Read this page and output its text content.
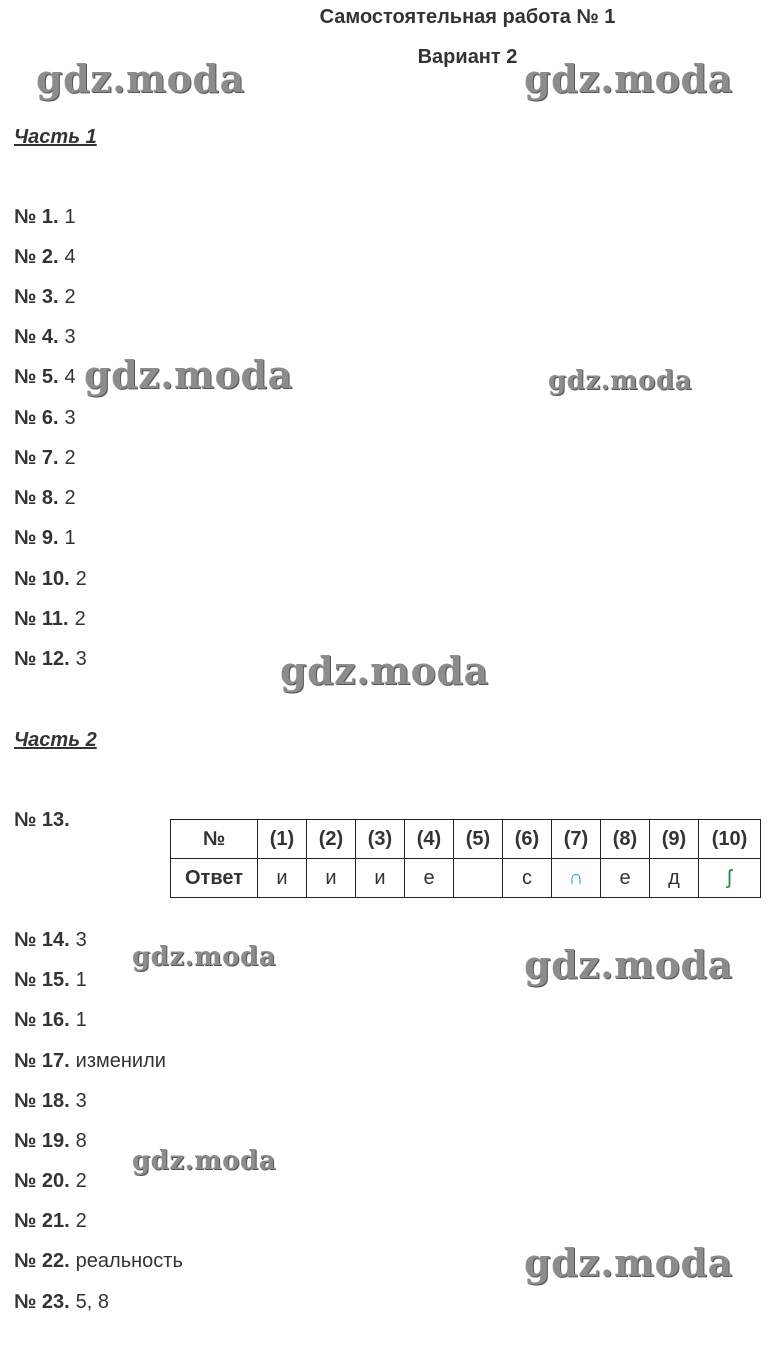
Самостоятельная работа № 1
Вариант 2
gdz.moda	gdz.moda
gdz.moda	gdz.moda
gdz.moda
gdz.moda	gdz.moda
gdz.moda
gdz.moda
Часть 1
№ 1. 1
№ 2. 4
№ 3. 2
№ 4. 3
№ 5. 4
№ 6. 3
№ 7. 2
№ 8. 2
№ 9. 1
№ 10. 2
№ 11. 2
№ 12. 3
Часть 2
№ 13.
№	(1)	(2)	(3)	(4)	(5)	(6)	(7)	(8)	(9)	(10)
Ответ	и	и	и	е		с	∩	е	д	ʃ
№ 14. 3
№ 15. 1
№ 16. 1
№ 17. изменили
№ 18. 3
№ 19. 8
№ 20. 2
№ 21. 2
№ 22. реальность
№ 23. 5, 8
